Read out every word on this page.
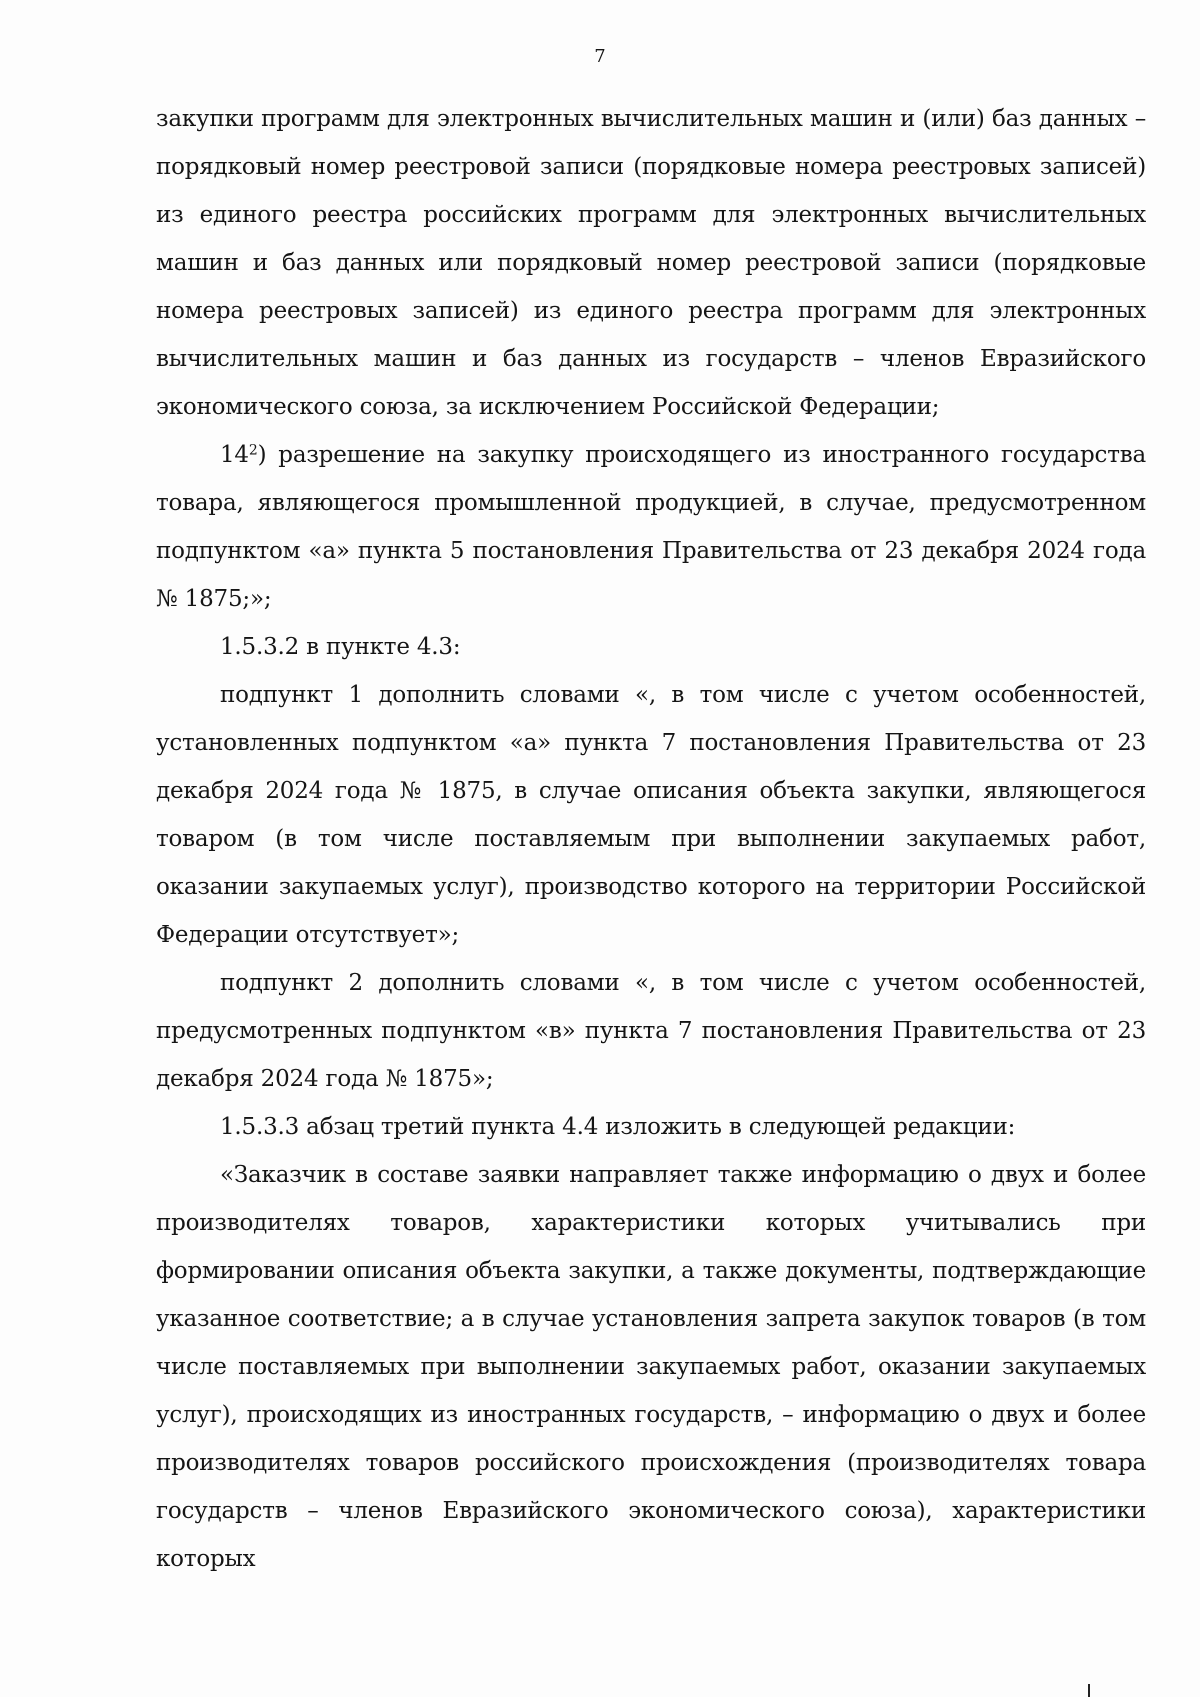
7

закупки программ для электронных вычислительных машин и (или) баз данных – порядковый номер реестровой записи (порядковые номера реестровых записей) из единого реестра российских программ для электронных вычислительных машин и баз данных или порядковый номер реестровой записи (порядковые номера реестровых записей) из единого реестра программ для электронных вычислительных машин и баз данных из государств – членов Евразийского экономического союза, за исключением Российской Федерации;

$14^2$) разрешение на закупку происходящего из иностранного государства товара, являющегося промышленной продукцией, в случае, предусмотренном подпунктом «а» пункта 5 постановления Правительства от 23 декабря 2024 года № 1875;»;

1.5.3.2 в пункте 4.3:

подпункт 1 дополнить словами «, в том числе с учетом особенностей, установленных подпунктом «а» пункта 7 постановления Правительства от 23 декабря 2024 года № 1875, в случае описания объекта закупки, являющегося товаром (в том числе поставляемым при выполнении закупаемых работ, оказании закупаемых услуг), производство которого на территории Российской Федерации отсутствует»;

подпункт 2 дополнить словами «, в том числе с учетом особенностей, предусмотренных подпунктом «в» пункта 7 постановления Правительства от 23 декабря 2024 года № 1875»;

1.5.3.3 абзац третий пункта 4.4 изложить в следующей редакции:

«Заказчик в составе заявки направляет также информацию о двух и более производителях товаров, характеристики которых учитывались при формировании описания объекта закупки, а также документы, подтверждающие указанное соответствие; а в случае установления запрета закупок товаров (в том числе поставляемых при выполнении закупаемых работ, оказании закупаемых услуг), происходящих из иностранных государств, – информацию о двух и более производителях товаров российского происхождения (производителях товара государств – членов Евразийского экономического союза), характеристики которых
